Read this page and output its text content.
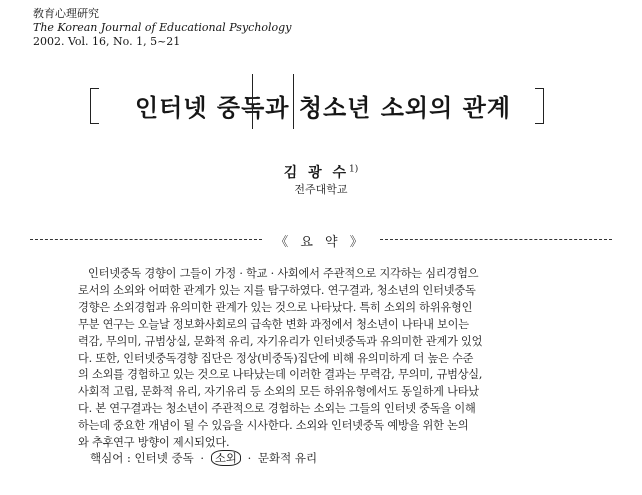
敎育心理硏究
The Korean Journal of Educational Psychology
2002. Vol. 16, No. 1, 5~21
인터넷 중독과 청소년 소외의 관계
김 광 수$^{1)}$
전주대학교
《 요 약 》
인터넷중독 경향이 그들이 가정 · 학교 · 사회에서 주관적으로 지각하는 심리경험으
로서의 소외와 어떠한 관계가 있는 지를 탐구하였다. 연구결과, 청소년의 인터넷중독
경향은 소외경험과 유의미한 관계가 있는 것으로 나타났다. 특히 소외의 하위유형인
무분 연구는 오늘날 정보화사회로의 급속한 변화 과정에서 청소년이 나타내 보이는
력감, 무의미, 규범상실, 문화적 유리, 자기유리가 인터넷중독과 유의미한 관계가 있었
다. 또한, 인터넷중독경향 집단은 정상(비중독)집단에 비해 유의미하게 더 높은 수준
의 소외를 경험하고 있는 것으로 나타났는데 이러한 결과는 무력감, 무의미, 규범상실,
사회적 고립, 문화적 유리, 자기유리 등 소외의 모든 하위유형에서도 동일하게 나타났
다. 본 연구결과는 청소년이 주관적으로 경험하는 소외는 그들의 인터넷 중독을 이해
하는데 중요한 개념이 될 수 있음을 시사한다. 소외와 인터넷중독 예방을 위한 논의
와 추후연구 방향이 제시되었다.
핵심어 : 인터넷 중독 · 소외 · 문화적 유리
